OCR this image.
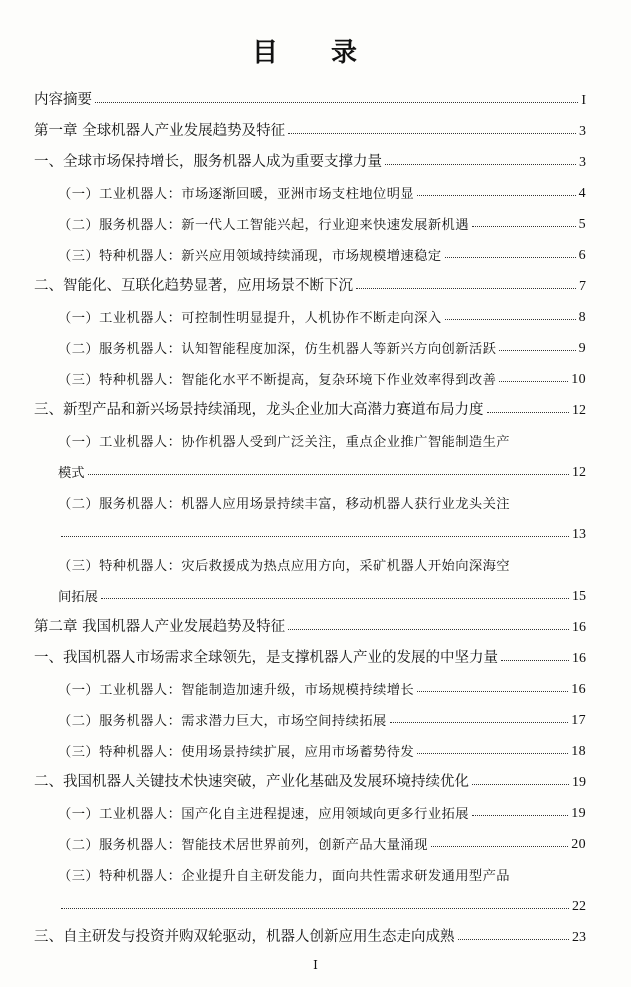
目 录
内容摘要	I
第一章 全球机器人产业发展趋势及特征	3
一、全球市场保持增长，服务机器人成为重要支撑力量	3
（一）工业机器人：市场逐渐回暖，亚洲市场支柱地位明显	4
（二）服务机器人：新一代人工智能兴起，行业迎来快速发展新机遇	5
（三）特种机器人：新兴应用领域持续涌现，市场规模增速稳定	6
二、智能化、互联化趋势显著，应用场景不断下沉	7
（一）工业机器人：可控制性明显提升，人机协作不断走向深入	8
（二）服务机器人：认知智能程度加深，仿生机器人等新兴方向创新活跃	9
（三）特种机器人：智能化水平不断提高，复杂环境下作业效率得到改善	10
三、新型产品和新兴场景持续涌现，龙头企业加大高潜力赛道布局力度	12
（一）工业机器人：协作机器人受到广泛关注，重点企业推广智能制造生产
模式	12
（二）服务机器人：机器人应用场景持续丰富，移动机器人获行业龙头关注
13
（三）特种机器人：灾后救援成为热点应用方向，采矿机器人开始向深海空
间拓展	15
第二章 我国机器人产业发展趋势及特征	16
一、我国机器人市场需求全球领先，是支撑机器人产业的发展的中坚力量	16
（一）工业机器人：智能制造加速升级，市场规模持续增长	16
（二）服务机器人：需求潜力巨大，市场空间持续拓展	17
（三）特种机器人：使用场景持续扩展，应用市场蓄势待发	18
二、我国机器人关键技术快速突破，产业化基础及发展环境持续优化	19
（一）工业机器人：国产化自主进程提速，应用领域向更多行业拓展	19
（二）服务机器人：智能技术居世界前列，创新产品大量涌现	20
（三）特种机器人：企业提升自主研发能力，面向共性需求研发通用型产品
22
三、自主研发与投资并购双轮驱动，机器人创新应用生态走向成熟	23
I
